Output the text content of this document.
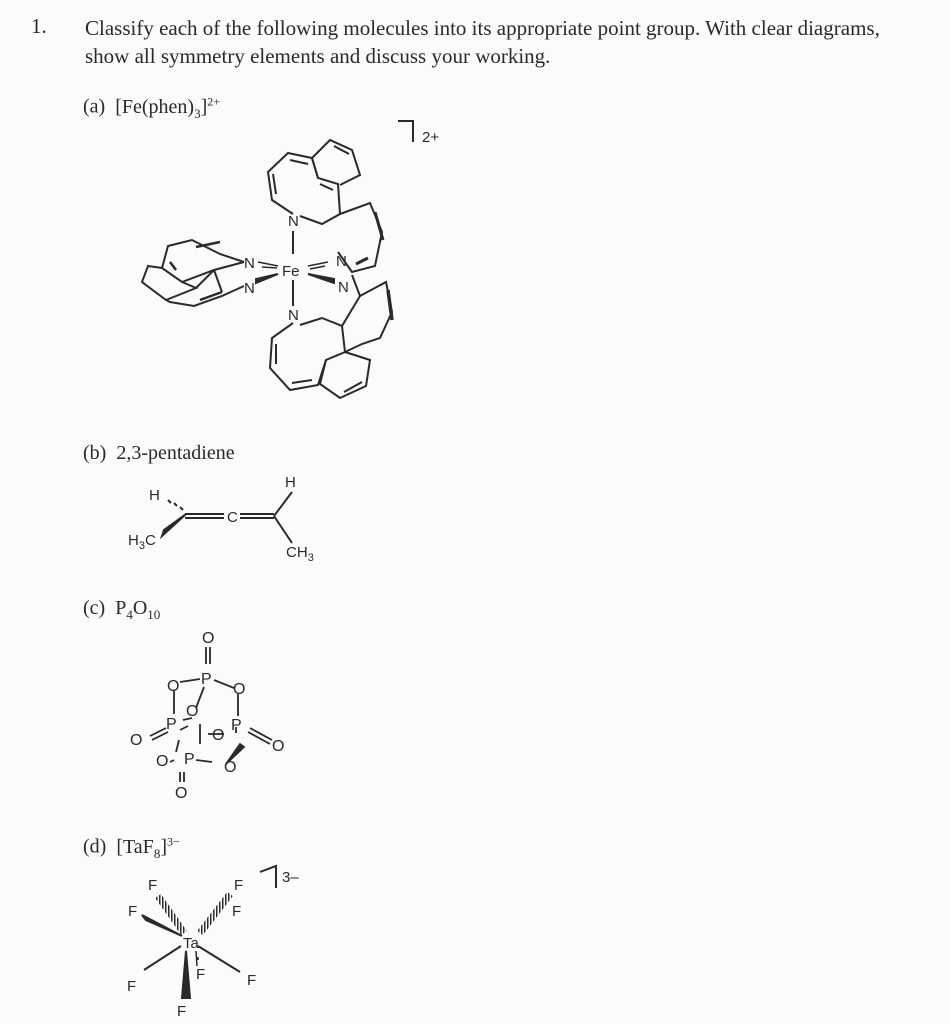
1. Classify each of the following molecules into its appropriate point group. With clear diagrams, show all symmetry elements and discuss your working.
(a) $[Fe(phen)_3]^{2+}$
(b) 2,3-pentadiene
(c) $P_4O_{10}$
(d) $[TaF_8]^{3-}$
N
N
N
Fe
N
N
N
2+
H
C
H
$H_3C$
$CH_3$
O
P
O	O
O
P	P
O	O
O
O P O
O
Ta
F
F
F
F
F
F	F
F
3–
